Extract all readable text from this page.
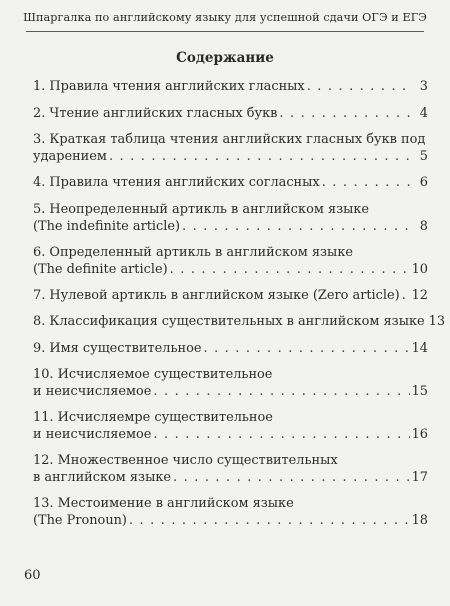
Шпаргалка по английскому языку для успешной сдачи ОГЭ и ЕГЭ
Содержание
1. Правила чтения английских гласных . . .	3
2. Чтение английских гласных букв . . .	4
3. Краткая таблица чтения английских гласных букв под
ударением . . .	5
4. Правила чтения английских согласных . . .	6
5. Неопределенный артикль в английском языке
(The indefinite article) . . .	8
6. Определенный артикль в английском языке
(The definite article) . . .	10
7. Нулевой артикль в английском языке (Zero article) . . . 12
8. Классификация существительных в английском языке 13
9. Имя существительное . . .	14
10. Исчисляемое существительное
и неисчисляемое . . .	15
11. Исчисляемре существительное
и неисчисляемое . . .	16
12. Множественное число существительных
в английском языке . . .	17
13. Местоимение в английском языке
(The Pronoun) . . .	18
60
